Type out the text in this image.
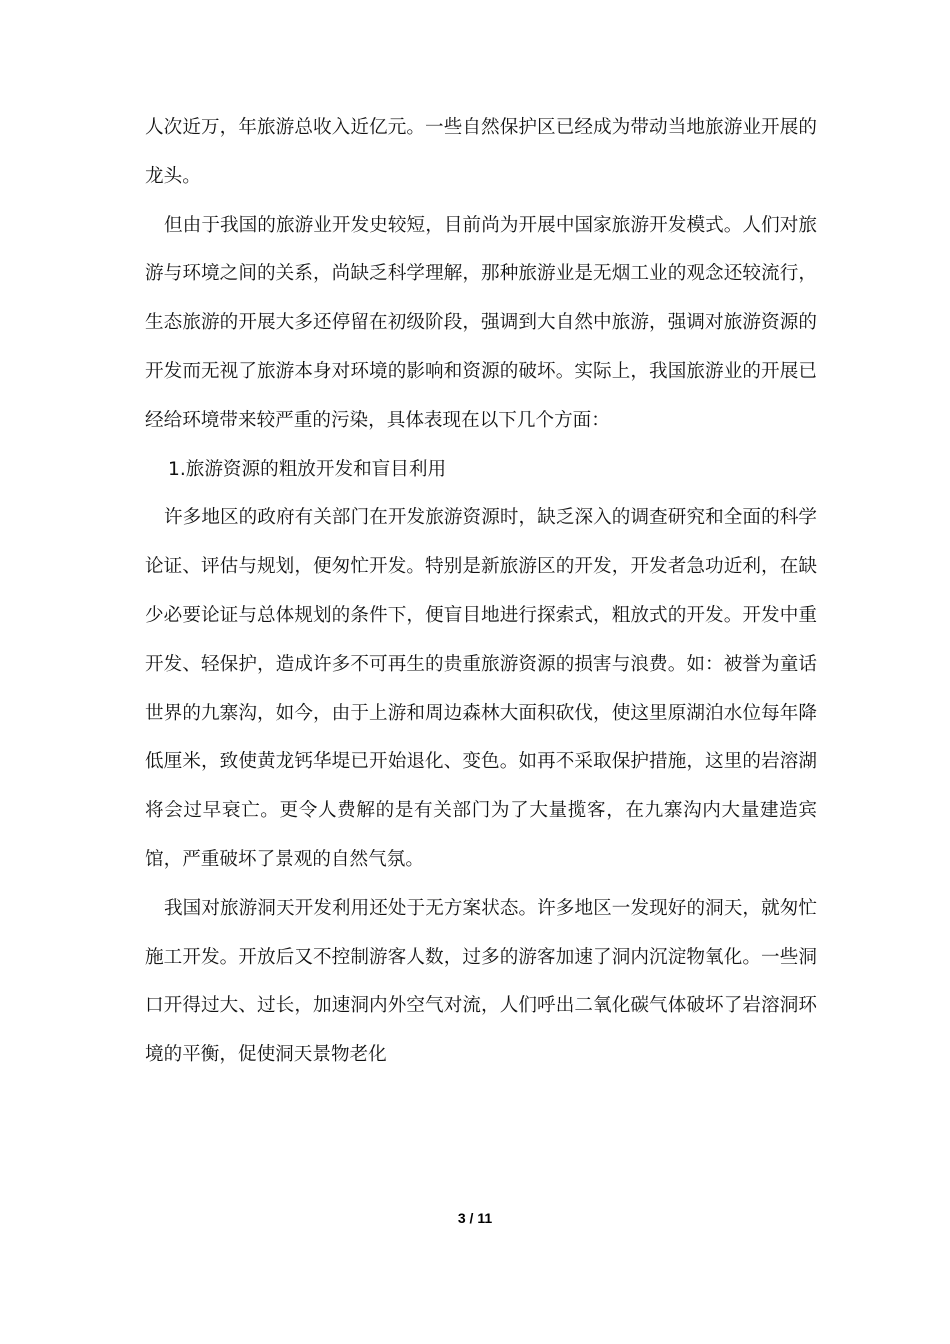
人次近万，年旅游总收入近亿元。一些自然保护区已经成为带动当地旅游业开展的龙头。

但由于我国的旅游业开发史较短，目前尚为开展中国家旅游开发模式。人们对旅游与环境之间的关系，尚缺乏科学理解，那种旅游业是无烟工业的观念还较流行，生态旅游的开展大多还停留在初级阶段，强调到大自然中旅游，强调对旅游资源的开发而无视了旅游本身对环境的影响和资源的破坏。实际上，我国旅游业的开展已经给环境带来较严重的污染，具体表现在以下几个方面：

1.旅游资源的粗放开发和盲目利用

许多地区的政府有关部门在开发旅游资源时，缺乏深入的调查研究和全面的科学论证、评估与规划，便匆忙开发。特别是新旅游区的开发，开发者急功近利，在缺少必要论证与总体规划的条件下，便盲目地进行探索式，粗放式的开发。开发中重开发、轻保护，造成许多不可再生的贵重旅游资源的损害与浪费。如：被誉为童话世界的九寨沟，如今，由于上游和周边森林大面积砍伐，使这里原湖泊水位每年降低厘米，致使黄龙钙华堤已开始退化、变色。如再不采取保护措施，这里的岩溶湖将会过早衰亡。更令人费解的是有关部门为了大量揽客，在九寨沟内大量建造宾馆，严重破坏了景观的自然气氛。

我国对旅游洞天开发利用还处于无方案状态。许多地区一发现好的洞天，就匆忙施工开发。开放后又不控制游客人数，过多的游客加速了洞内沉淀物氧化。一些洞口开得过大、过长，加速洞内外空气对流，人们呼出二氧化碳气体破坏了岩溶洞环境的平衡，促使洞天景物老化

3 / 11
